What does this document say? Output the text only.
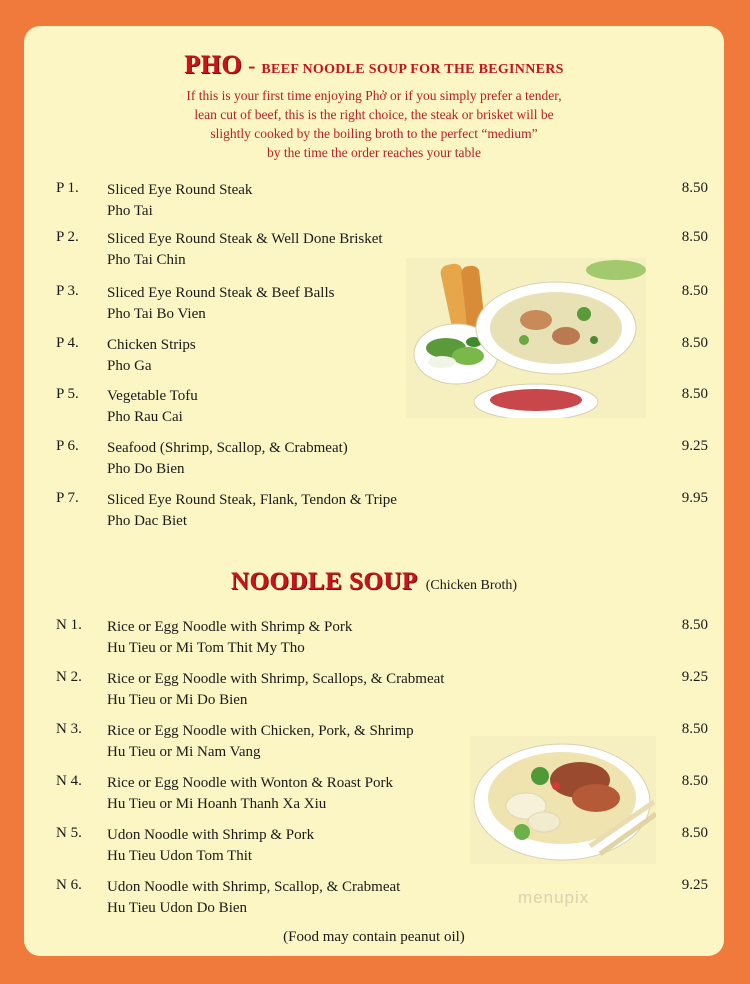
PHO - BEEF NOODLE SOUP FOR THE BEGINNERS
If this is your first time enjoying Phở or if you simply prefer a tender,
lean cut of beef, this is the right choice, the steak or brisket will be
slightly cooked by the boiling broth to the perfect “medium”
by the time the order reaches your table
P 1. Sliced Eye Round Steak
Pho Tai
8.50
P 2. Sliced Eye Round Steak & Well Done Brisket
Pho Tai Chin
8.50
P 3. Sliced Eye Round Steak & Beef Balls
Pho Tai Bo Vien
8.50
P 4. Chicken Strips
Pho Ga
8.50
P 5. Vegetable Tofu
Pho Rau Cai
8.50
P 6. Seafood (Shrimp, Scallop, & Crabmeat)
Pho Do Bien
9.25
P 7. Sliced Eye Round Steak, Flank, Tendon & Tripe
Pho Dac Biet
9.95
NOODLE SOUP (Chicken Broth)
N 1. Rice or Egg Noodle with Shrimp & Pork
Hu Tieu or Mi Tom Thit My Tho
8.50
N 2. Rice or Egg Noodle with Shrimp, Scallops, & Crabmeat
Hu Tieu or Mi Do Bien
9.25
N 3. Rice or Egg Noodle with Chicken, Pork, & Shrimp
Hu Tieu or Mi Nam Vang
8.50
N 4. Rice or Egg Noodle with Wonton & Roast Pork
Hu Tieu or Mi Hoanh Thanh Xa Xiu
8.50
N 5. Udon Noodle with Shrimp & Pork
Hu Tieu Udon Tom Thit
8.50
N 6. Udon Noodle with Shrimp, Scallop, & Crabmeat
Hu Tieu Udon Do Bien
9.25
menupix
(Food may contain peanut oil)
